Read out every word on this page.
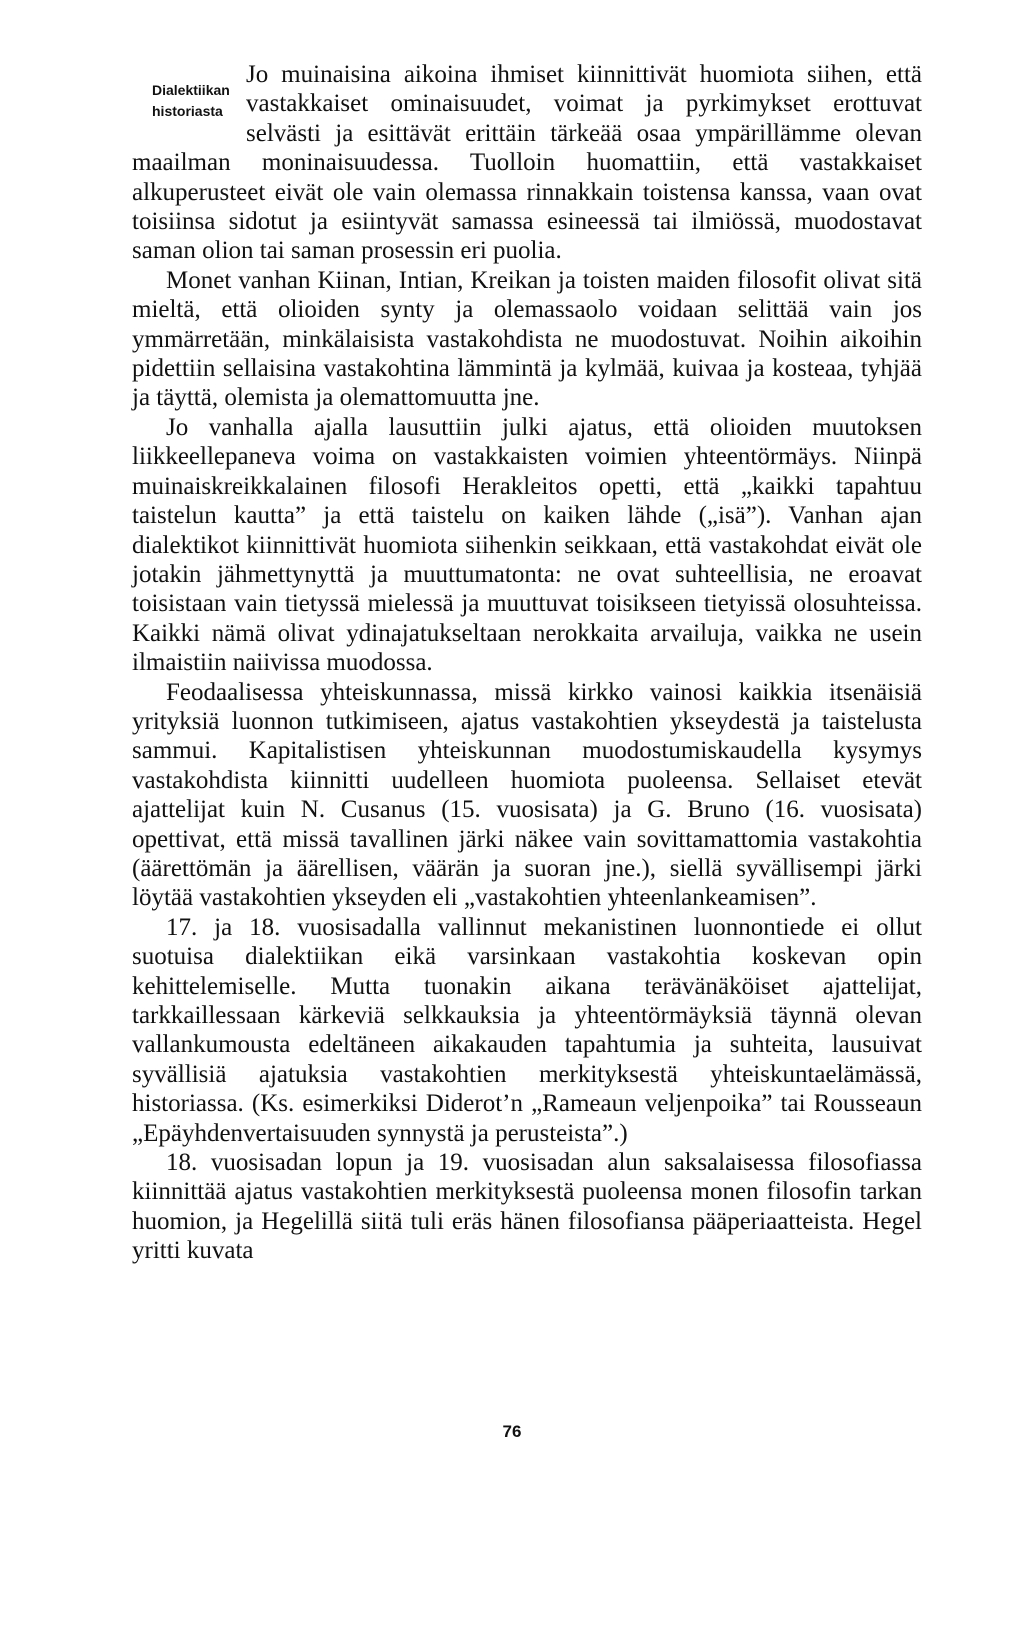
Dialektiikan
historiasta

Jo muinaisina aikoina ihmiset kiinnittivät huomiota siihen, että vastakkaiset ominaisuudet, voimat ja pyrkimykset erottuvat selvästi ja esittävät erittäin tärkeää osaa ympärillämme olevan maailman moninaisuudessa. Tuolloin huomattiin, että vastakkaiset alkuperusteet eivät ole vain olemassa rinnakkain toistensa kanssa, vaan ovat toisiinsa sidotut ja esiintyvät samassa esineessä tai ilmiössä, muodostavat saman olion tai saman prosessin eri puolia.

Monet vanhan Kiinan, Intian, Kreikan ja toisten maiden filosofit olivat sitä mieltä, että olioiden synty ja olemassaolo voidaan selittää vain jos ymmärretään, minkälaisista vastakohdista ne muodostuvat. Noihin aikoihin pidettiin sellaisina vastakohtina lämmintä ja kylmää, kuivaa ja kosteaa, tyhjää ja täyttä, olemista ja olemattomuutta jne.

Jo vanhalla ajalla lausuttiin julki ajatus, että olioiden muutoksen liikkeellepaneva voima on vastakkaisten voimien yhteentörmäys. Niinpä muinaiskreikkalainen filosofi Herakleitos opetti, että „kaikki tapahtuu taistelun kautta” ja että taistelu on kaiken lähde („isä”). Vanhan ajan dialektikot kiinnittivät huomiota siihenkin seikkaan, että vastakohdat eivät ole jotakin jähmettynyttä ja muuttumatonta: ne ovat suhteellisia, ne eroavat toisistaan vain tietyssä mielessä ja muuttuvat toisikseen tietyissä olosuhteissa. Kaikki nämä olivat ydinajatukseltaan nerokkaita arvailuja, vaikka ne usein ilmaistiin naiivissa muodossa.

Feodaalisessa yhteiskunnassa, missä kirkko vainosi kaikkia itsenäisiä yrityksiä luonnon tutkimiseen, ajatus vastakohtien ykseydestä ja taistelusta sammui. Kapitalistisen yhteiskunnan muodostumiskaudella kysymys vastakohdista kiinnitti uudelleen huomiota puoleensa. Sellaiset etevät ajattelijat kuin N. Cusanus (15. vuosisata) ja G. Bruno (16. vuosisata) opettivat, että missä tavallinen järki näkee vain sovittamattomia vastakohtia (äärettömän ja äärellisen, väärän ja suoran jne.), siellä syvällisempi järki löytää vastakohtien ykseyden eli „vastakohtien yhteenlankeamisen”.

17. ja 18. vuosisadalla vallinnut mekanistinen luonnontiede ei ollut suotuisa dialektiikan eikä varsinkaan vastakohtia koskevan opin kehittelemiselle. Mutta tuonakin aikana terävänäköiset ajattelijat, tarkkaillessaan kärkeviä selkkauksia ja yhteentörmäyksiä täynnä olevan vallankumousta edeltäneen aikakauden tapahtumia ja suhteita, lausuivat syvällisiä ajatuksia vastakohtien merkityksestä yhteiskuntaelämässä, historiassa. (Ks. esimerkiksi Diderot’n „Rameaun veljenpoika” tai Rousseaun „Epäyhdenvertaisuuden synnystä ja perusteista”.)

18. vuosisadan lopun ja 19. vuosisadan alun saksalaisessa filosofiassa kiinnittää ajatus vastakohtien merkityksestä puoleensa monen filosofin tarkan huomion, ja Hegelillä siitä tuli eräs hänen filosofiansa pääperiaatteista. Hegel yritti kuvata

76
